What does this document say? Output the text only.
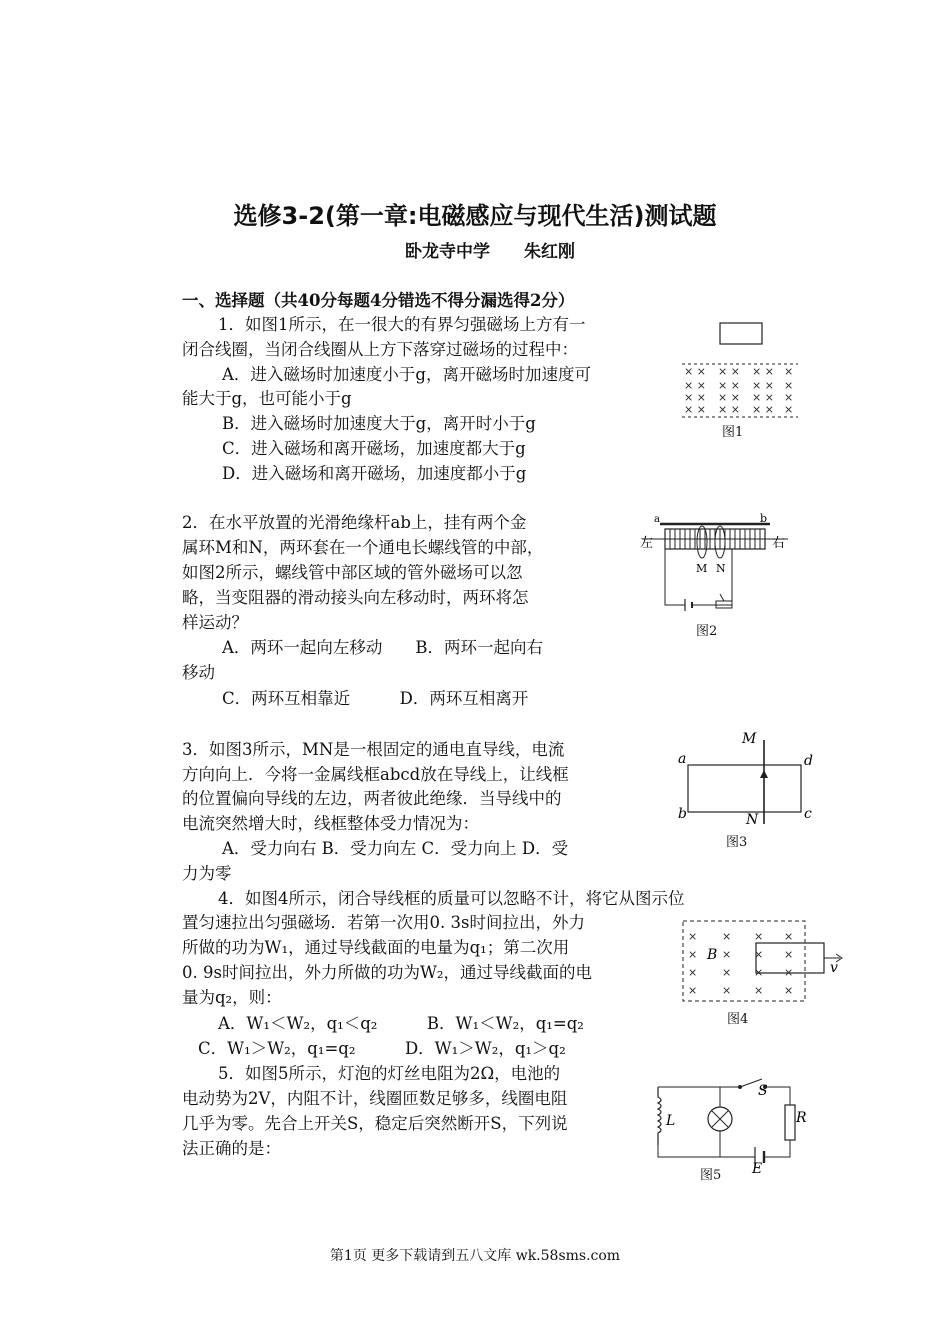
选修3-2(第一章:电磁感应与现代生活)测试题
卧龙寺中学　　朱红刚
一、选择题（共40分每题4分错选不得分漏选得2分）
1．如图1所示，在一很大的有界匀强磁场上方有一
闭合线圈，当闭合线圈从上方下落穿过磁场的过程中：
A．进入磁场时加速度小于g，离开磁场时加速度可
能大于g，也可能小于g
B．进入磁场时加速度大于g，离开时小于g
C．进入磁场和离开磁场，加速度都大于g
D．进入磁场和离开磁场，加速度都小于g
× × × × × × ×
× × × × × × ×
× × × × × × ×
× × × × × × ×
图1
2．在水平放置的光滑绝缘杆ab上，挂有两个金
属环M和N，两环套在一个通电长螺线管的中部，
如图2所示，螺线管中部区域的管外磁场可以忽
略，当变阻器的滑动接头向左移动时，两环将怎
样运动？
A．两环一起向左移动　　B．两环一起向右
移动
C．两环互相靠近　　　D．两环互相离开
a	b
左	右
M N
图2
3．如图3所示，MN是一根固定的通电直导线，电流
方向向上．今将一金属线框abcd放在导线上，让线框
的位置偏向导线的左边，两者彼此绝缘．当导线中的
电流突然增大时，线框整体受力情况为：
A．受力向右 B．受力向左 C．受力向上 D．受
力为零
M
N
a
b	c
d
图3
4．如图4所示，闭合导线框的质量可以忽略不计，将它从图示位
置匀速拉出匀强磁场．若第一次用0. 3s时间拉出，外力
所做的功为W₁，通过导线截面的电量为q₁；第二次用
0. 9s时间拉出，外力所做的功为W₂，通过导线截面的电
量为q₂，则：
A．W₁＜W₂，q₁＜q₂　　　B．W₁＜W₂，q₁=q₂
C．W₁＞W₂，q₁=q₂　　　D．W₁＞W₂，q₁＞q₂
× × × ×
× × ×
×
× × × ×
× × × ×
B
v
图4
5．如图5所示，灯泡的灯丝电阻为2Ω，电池的
电动势为2V，内阻不计，线圈匝数足够多，线圈电阻
几乎为零。先合上开关S，稳定后突然断开S，下列说
法正确的是：
S
L	R
E
图5
第1页 更多下载请到五八文库 wk.58sms.com
